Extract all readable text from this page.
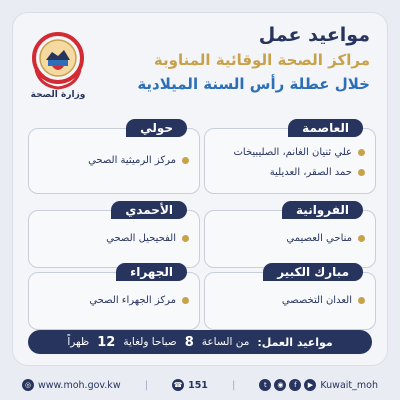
وزارة الصحة
مواعيد عمل
مراكز الصحة الوقائية المناوبة
خلال عطلة رأس السنة الميلادية
العاصمة
علي ثنيان الغانم، الصليبيخات
حمد الصقر، العديلية
حولي
مركز الرميثية الصحي
الفروانية
مناحي العصيمي
الأحمدي
الفحيحيل الصحي
مبارك الكبير
العدان التخصصي
الجهراء
مركز الجهراء الصحي
مواعيد العمل:
من الساعة
8
صباحا ولغاية
12
ظهراً
◎ www.moh.gov.kw	|	☎ 151	|	t	◉	f	▶ Kuwait_moh
